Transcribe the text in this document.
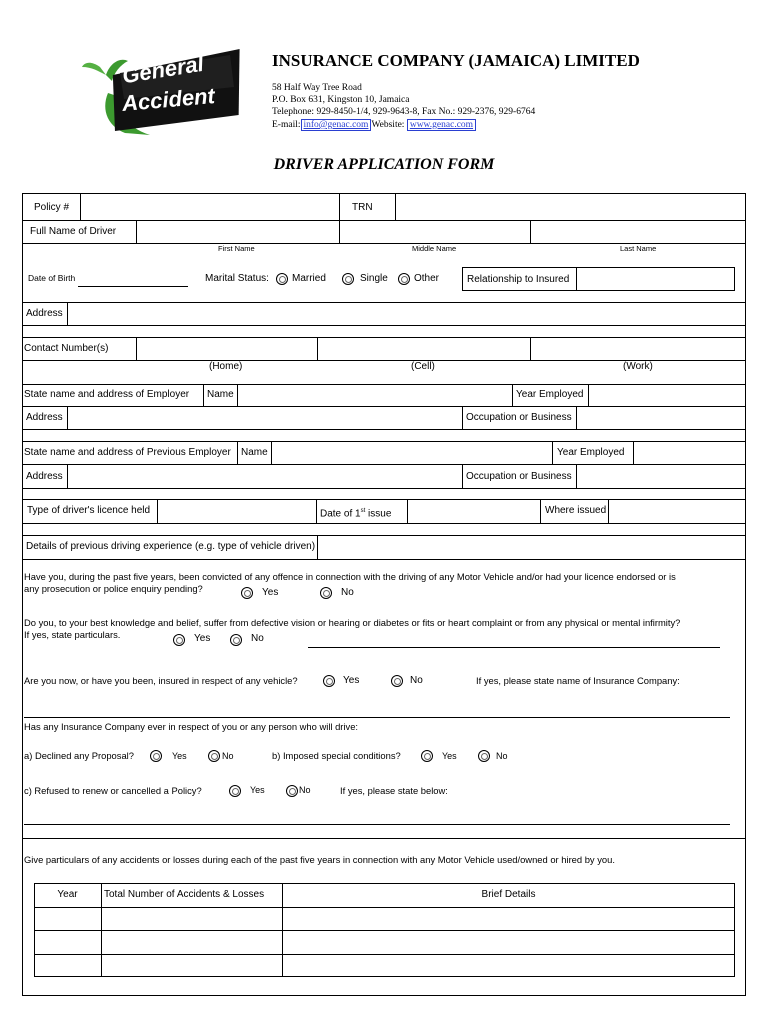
General
Accident
INSURANCE COMPANY (JAMAICA) LIMITED
58 Half Way Tree Road
P.O. Box 631, Kingston 10, Jamaica
Telephone: 929-8450-1/4, 929-9643-8, Fax No.: 929-2376, 929-6764
E-mail: info@genac.com Website: www.genac.com
DRIVER APPLICATION FORM
Policy #	TRN
Full Name of Driver
First Name	Middle Name	Last Name
Date of Birth	Marital Status: Married	Single	Other	Relationship to Insured
Address
Contact Number(s)
(Home)	(Cell)	(Work)
State name and address of Employer Name	Year Employed
Address	Occupation or Business
State name and address of Previous Employer Name	Year Employed
Address	Occupation or Business
Type of driver's licence held	Date of 1st issue	Where issued
Details of previous driving experience (e.g. type of vehicle driven)
Have you, during the past five years, been convicted of any offence in connection with the driving of any Motor Vehicle and/or had your licence endorsed or is
any prosecution or police enquiry pending?	Yes	No
Do you, to your best knowledge and belief, suffer from defective vision or hearing or diabetes or fits or heart complaint or from any physical or mental infirmity?
If yes, state particulars.	Yes	No
Are you now, or have you been, insured in respect of any vehicle?	Yes	No	If yes, please state name of Insurance Company:
Has any Insurance Company ever in respect of you or any person who will drive:
a) Declined any Proposal?	Yes	No	b) Imposed special conditions?	Yes	No
c) Refused to renew or cancelled a Policy?	Yes	No	If yes, please state below:
Give particulars of any accidents or losses during each of the past five years in connection with any Motor Vehicle used/owned or hired by you.
Year	Total Number of Accidents & Losses	Brief Details
